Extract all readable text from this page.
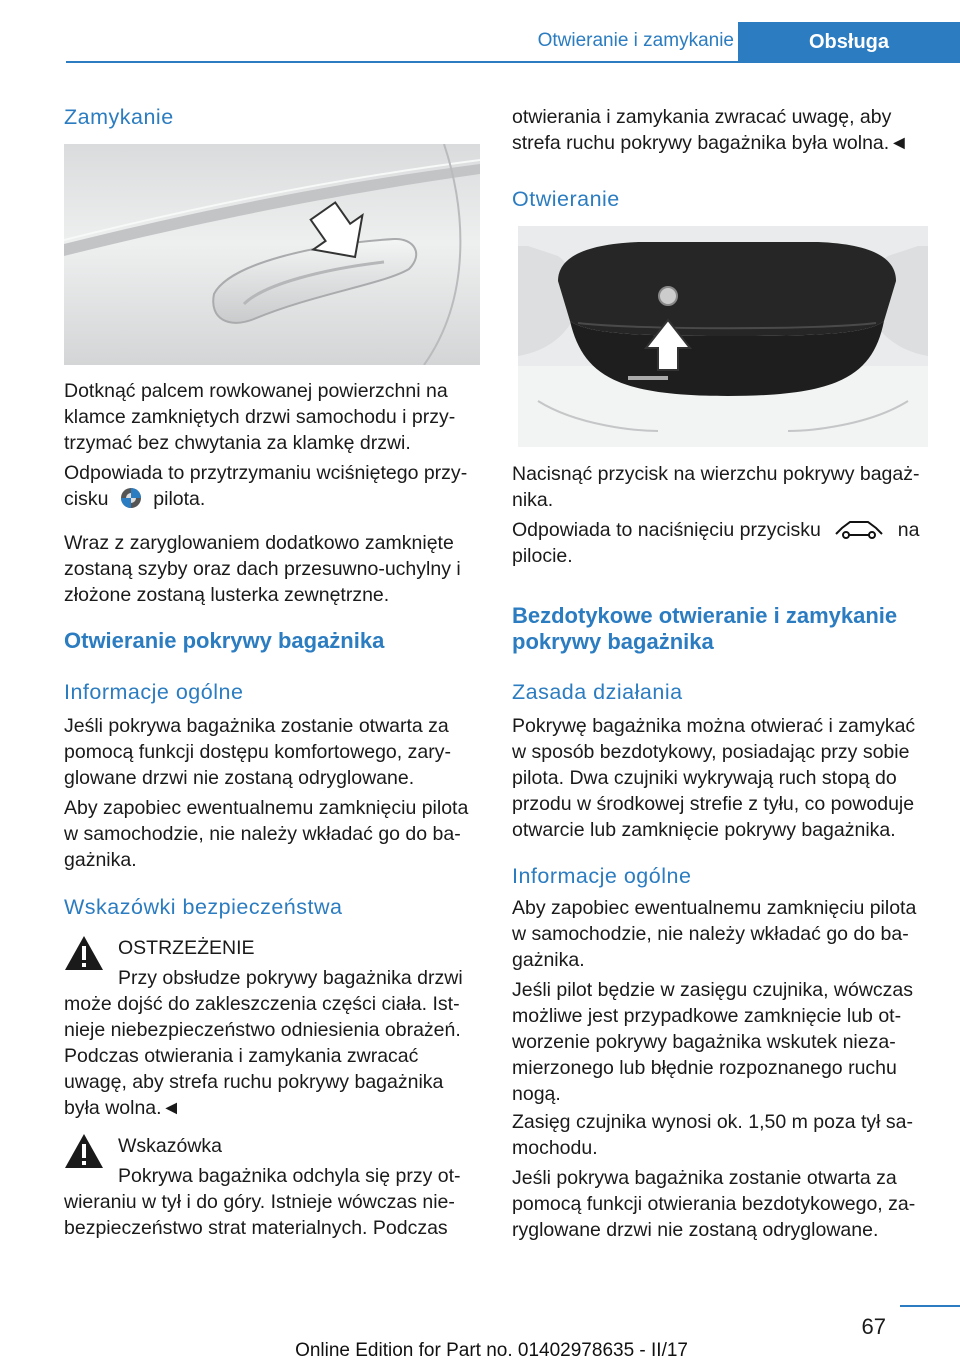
Otwieranie i zamykanie	Obsługa
Zamykanie

Dotknąć palcem rowkowanej powierzchni na klamce zamkniętych drzwi samochodu i przytrzymać bez chwytania za klamkę drzwi.

Odpowiada to przytrzymaniu wciśniętego przycisku pilota.

Wraz z zaryglowaniem dodatkowo zamknięte zostaną szyby oraz dach przesuwno-uchylny i złożone zostaną lusterka zewnętrzne.

Otwieranie pokrywy bagażnika
Informacje ogólne

Jeśli pokrywa bagażnika zostanie otwarta za pomocą funkcji dostępu komfortowego, zaryglowane drzwi nie zostaną odryglowane.

Aby zapobiec ewentualnemu zamknięciu pilota w samochodzie, nie należy wkładać go do bagażnika.

Wskazówki bezpieczeństwa

OSTRZEŻENIE

Przy obsłudze pokrywy bagażnika drzwi może dojść do zakleszczenia części ciała. Istnieje niebezpieczeństwo odniesienia obrażeń. Podczas otwierania i zamykania zwracać uwagę, aby strefa ruchu pokrywy bagażnika była wolna.◄

Wskazówka

Pokrywa bagażnika odchyla się przy otwieraniu w tył i do góry. Istnieje wówczas niebezpieczeństwo strat materialnych. Podczas

otwierania i zamykania zwracać uwagę, aby strefa ruchu pokrywy bagażnika była wolna.◄

Otwieranie

Nacisnąć przycisk na wierzchu pokrywy bagażnika.

Odpowiada to naciśnięciu przycisku	na pilocie.

Bezdotykowe otwieranie i zamykanie pokrywy bagażnika
Zasada działania

Pokrywę bagażnika można otwierać i zamykać w sposób bezdotykowy, posiadając przy sobie pilota. Dwa czujniki wykrywają ruch stopą do przodu w środkowej strefie z tyłu, co powoduje otwarcie lub zamknięcie pokrywy bagażnika.

Informacje ogólne

Aby zapobiec ewentualnemu zamknięciu pilota w samochodzie, nie należy wkładać go do bagażnika.

Jeśli pilot będzie w zasięgu czujnika, wówczas możliwe jest przypadkowe zamknięcie lub otworzenie pokrywy bagażnika wskutek niezamierzonego lub błędnie rozpoznanego ruchu nogą.

Zasięg czujnika wynosi ok. 1,50 m poza tył samochodu.

Jeśli pokrywa bagażnika zostanie otwarta za pomocą funkcji otwierania bezdotykowego, zaryglowane drzwi nie zostaną odryglowane.

67
Online Edition for Part no. 01402978635 - II/17
